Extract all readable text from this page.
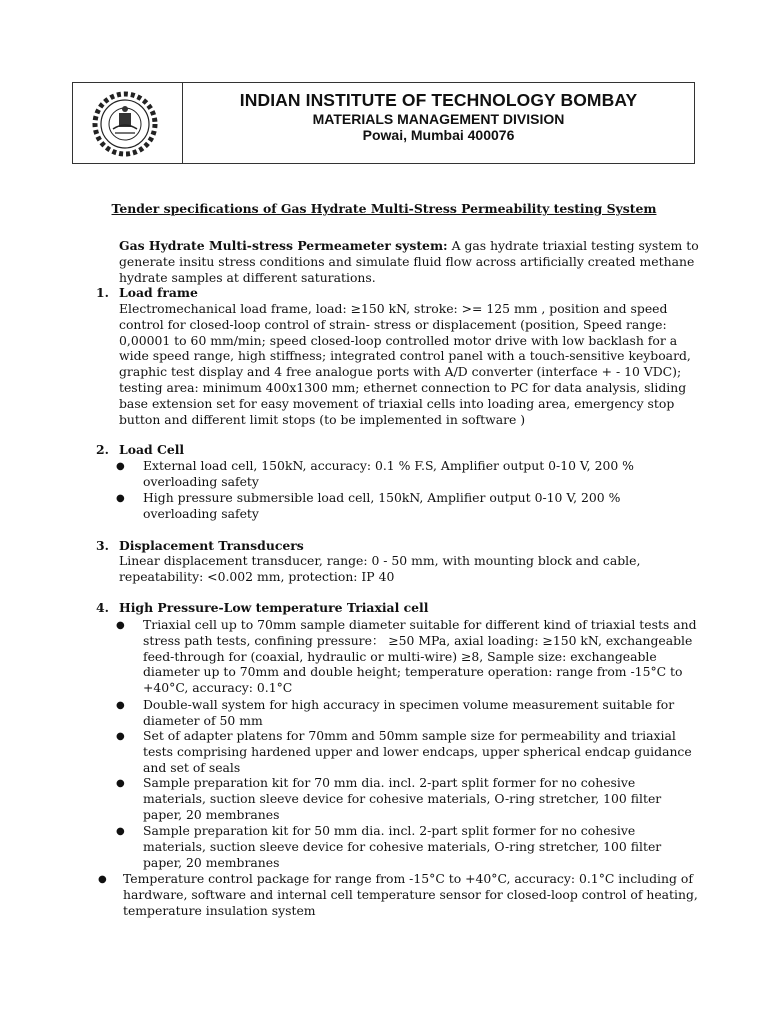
INDIAN INSTITUTE OF TECHNOLOGY BOMBAY
MATERIALS MANAGEMENT DIVISION
Powai, Mumbai 400076
Tender specifications of Gas Hydrate Multi-Stress Permeability testing System

Gas Hydrate Multi-stress Permeameter system: A gas hydrate triaxial testing system to generate insitu stress conditions and simulate fluid flow across artificially created methane hydrate samples at different saturations.

1. Load frame

Electromechanical load frame, load: ≥150 kN, stroke: >= 125 mm , position and speed control for closed-loop control of strain- stress or displacement (position, Speed range: 0,00001 to 60 mm/min; speed closed-loop controlled motor drive with low backlash for a wide speed range, high stiffness; integrated control panel with a touch-sensitive keyboard, graphic test display and 4 free analogue ports with A/D converter (interface + - 10 VDC); testing area: minimum 400x1300 mm; ethernet connection to PC for data analysis, sliding base extension set for easy movement of triaxial cells into loading area, emergency stop button and different limit stops (to be implemented in software )

2. Load Cell

● External load cell, 150kN, accuracy: 0.1 % F.S, Amplifier output 0-10 V, 200 % overloading safety

● High pressure submersible load cell, 150kN, Amplifier output 0-10 V, 200 % overloading safety

3. Displacement Transducers

Linear displacement transducer, range: 0 - 50 mm, with mounting block and cable, repeatability: <0.002 mm, protection: IP 40

4. High Pressure-Low temperature Triaxial cell

● Triaxial cell up to 70mm sample diameter suitable for different kind of triaxial tests and stress path tests, confining pressure： ≥50 MPa, axial loading: ≥150 kN, exchangeable feed-through for (coaxial, hydraulic or multi-wire) ≥8, Sample size: exchangeable diameter up to 70mm and double height; temperature operation: range from -15°C to +40°C, accuracy: 0.1°C

● Double-wall system for high accuracy in specimen volume measurement suitable for diameter of 50 mm

● Set of adapter platens for 70mm and 50mm sample size for permeability and triaxial tests comprising hardened upper and lower endcaps, upper spherical endcap guidance and set of seals

● Sample preparation kit for 70 mm dia. incl. 2-part split former for no cohesive materials, suction sleeve device for cohesive materials, O-ring stretcher, 100 filter paper, 20 membranes

● Sample preparation kit for 50 mm dia. incl. 2-part split former for no cohesive materials, suction sleeve device for cohesive materials, O-ring stretcher, 100 filter paper, 20 membranes

● Temperature control package for range from -15°C to +40°C, accuracy: 0.1°C including of hardware, software and internal cell temperature sensor for closed-loop control of heating, temperature insulation system
